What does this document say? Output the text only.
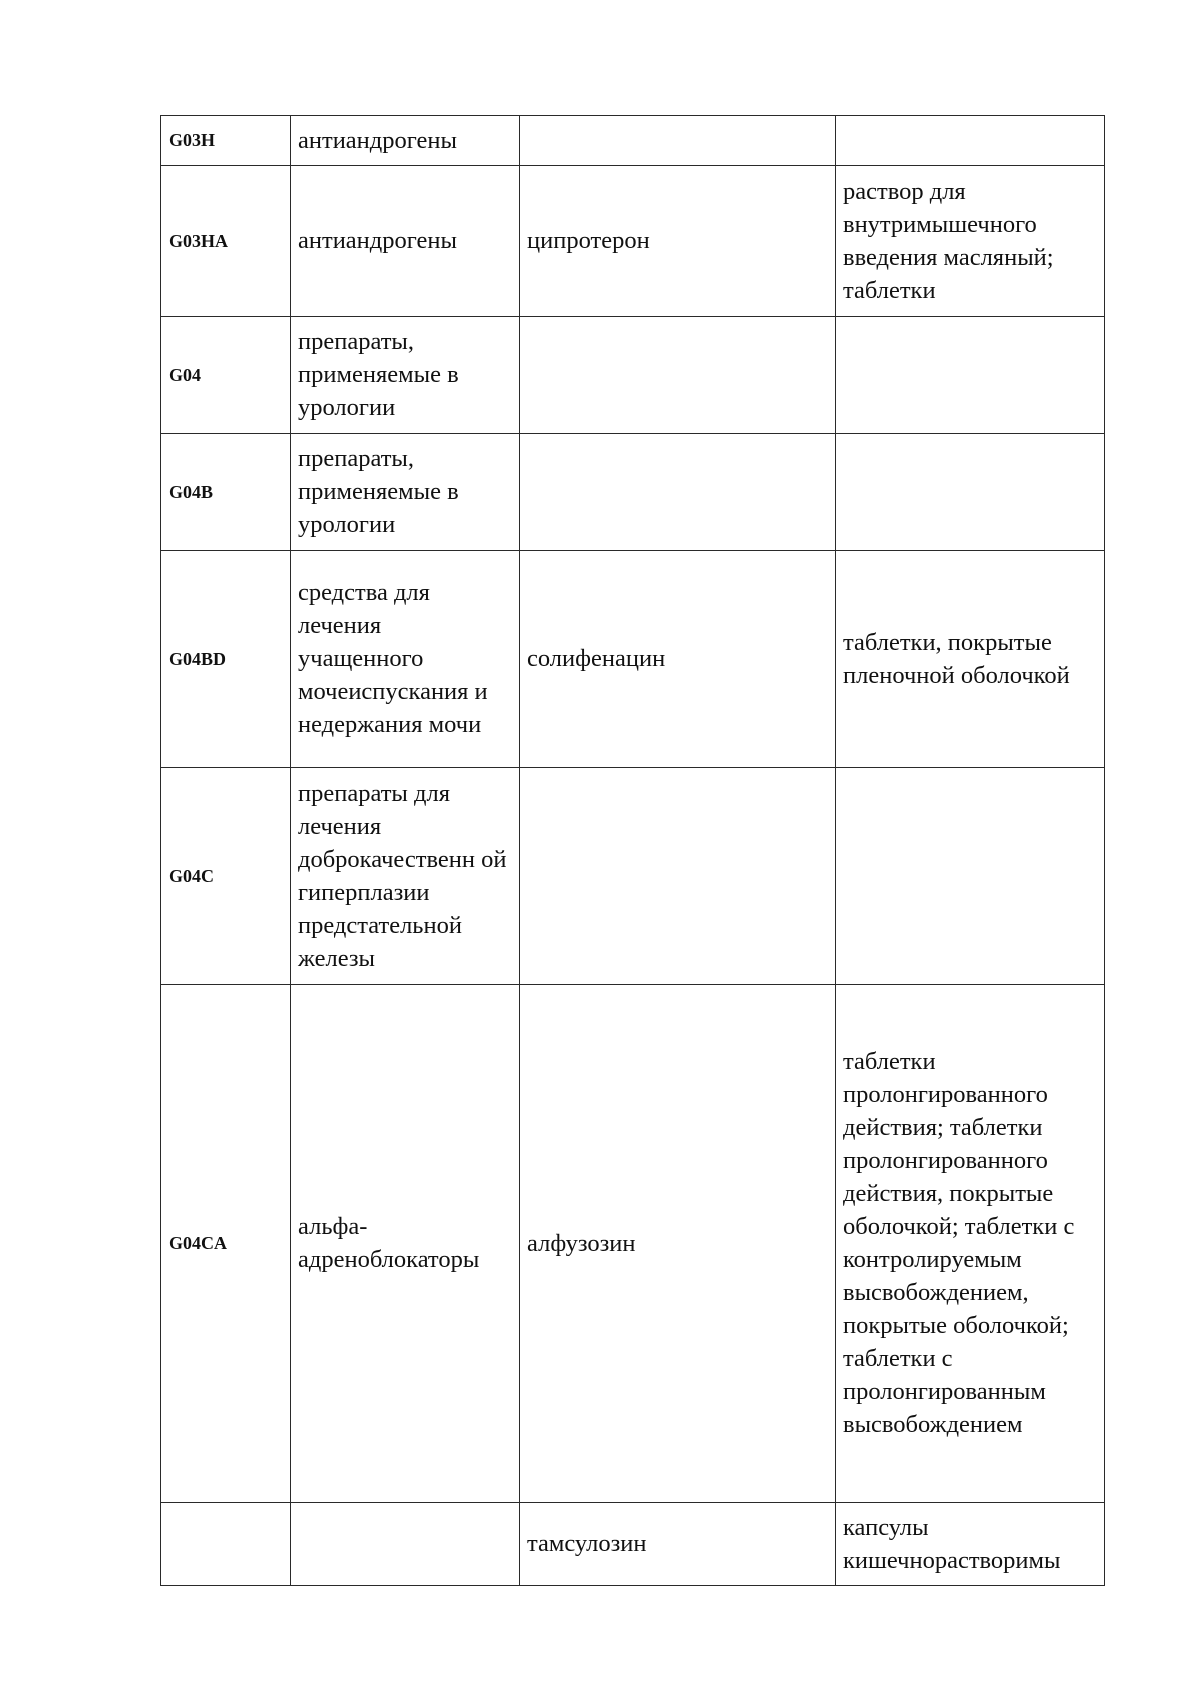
G03H	антиандрогены		
G03HA	антиандрогены	ципротерон	раствор для внутримышечного введения масляный; таблетки
G04	препараты, применяемые в урологии		
G04B	препараты, применяемые в урологии		
G04BD	средства для лечения учащенного мочеиспускания и недержания мочи	солифенацин	таблетки, покрытые пленочной оболочкой
G04C	препараты для лечения доброкачественн ой гиперплазии предстательной железы		
G04CA	альфа-адреноблокаторы	алфузозин	таблетки пролонгированного действия; таблетки пролонгированного действия, покрытые оболочкой; таблетки с контролируемым высвобождением, покрытые оболочкой; таблетки с пролонгированным высвобождением
		тамсулозин	капсулы кишечнорастворимы
